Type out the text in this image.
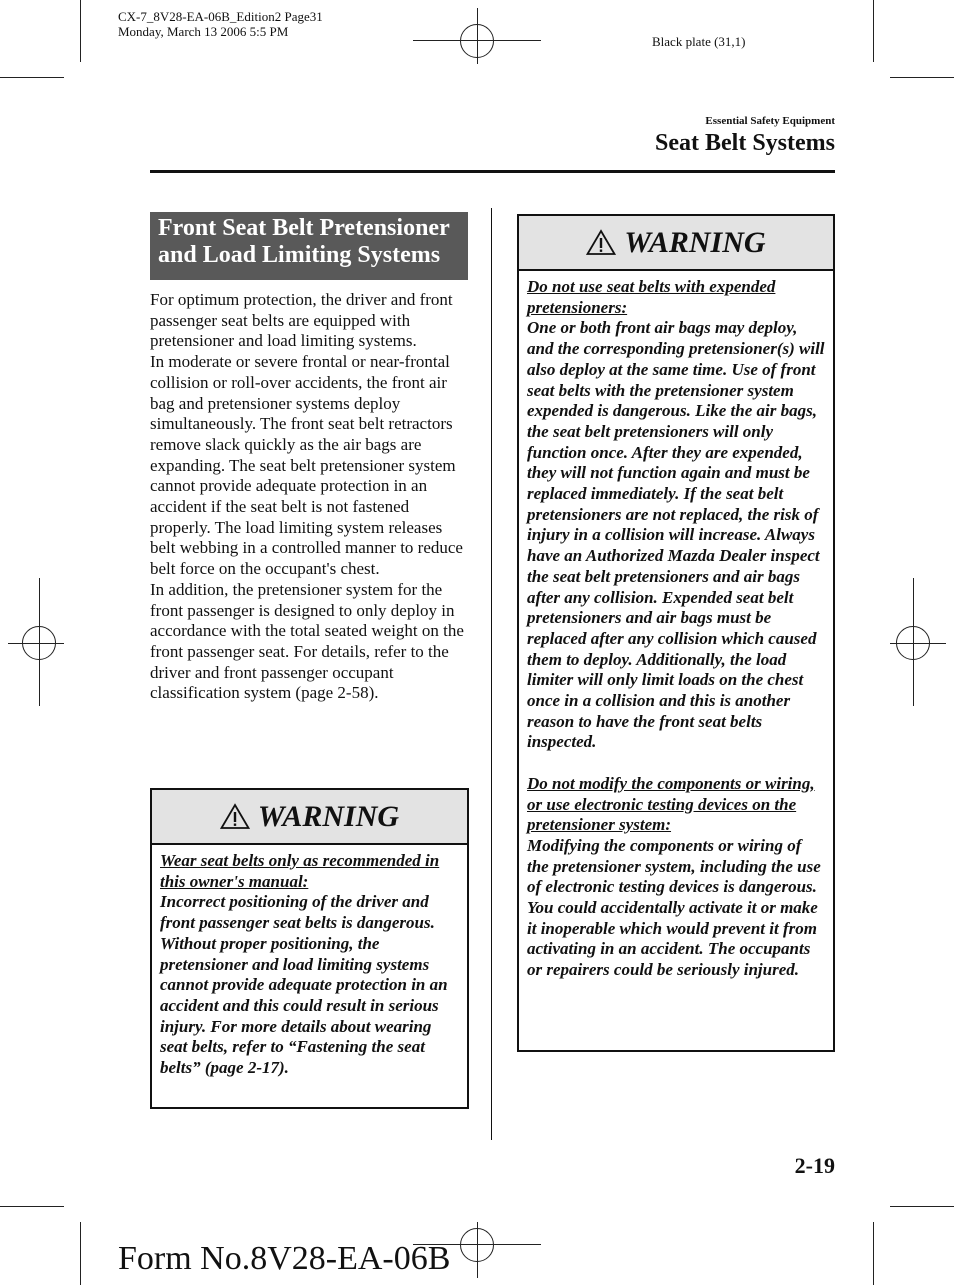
CX-7_8V28-EA-06B_Edition2 Page31
Monday, March 13 2006 5:5 PM
Black plate (31,1)
Essential Safety Equipment
Seat Belt Systems
Front Seat Belt Pretensioner
and Load Limiting Systems

For optimum protection, the driver and front passenger seat belts are equipped with pretensioner and load limiting systems.

In moderate or severe frontal or near-frontal collision or roll-over accidents, the front air bag and pretensioner systems deploy simultaneously. The front seat belt retractors remove slack quickly as the air bags are expanding. The seat belt pretensioner system cannot provide adequate protection in an accident if the seat belt is not fastened properly. The load limiting system releases belt webbing in a controlled manner to reduce belt force on the occupant's chest.

In addition, the pretensioner system for the front passenger is designed to only deploy in accordance with the total seated weight on the front passenger seat. For details, refer to the driver and front passenger occupant classification system (page 2-58).

WARNING

Wear seat belts only as recommended in this owner's manual:

Incorrect positioning of the driver and front passenger seat belts is dangerous. Without proper positioning, the pretensioner and load limiting systems cannot provide adequate protection in an accident and this could result in serious injury. For more details about wearing seat belts, refer to “Fastening the seat belts” (page 2-17).

WARNING

Do not use seat belts with expended pretensioners:

One or both front air bags may deploy, and the corresponding pretensioner(s) will also deploy at the same time. Use of front seat belts with the pretensioner system expended is dangerous. Like the air bags, the seat belt pretensioners will only function once. After they are expended, they will not function again and must be replaced immediately. If the seat belt pretensioners are not replaced, the risk of injury in a collision will increase. Always have an Authorized Mazda Dealer inspect the seat belt pretensioners and air bags after any collision. Expended seat belt pretensioners and air bags must be replaced after any collision which caused them to deploy. Additionally, the load limiter will only limit loads on the chest once in a collision and this is another reason to have the front seat belts inspected.

Do not modify the components or wiring, or use electronic testing devices on the pretensioner system:

Modifying the components or wiring of the pretensioner system, including the use of electronic testing devices is dangerous. You could accidentally activate it or make it inoperable which would prevent it from activating in an accident. The occupants or repairers could be seriously injured.

2-19
Form No.8V28-EA-06B
